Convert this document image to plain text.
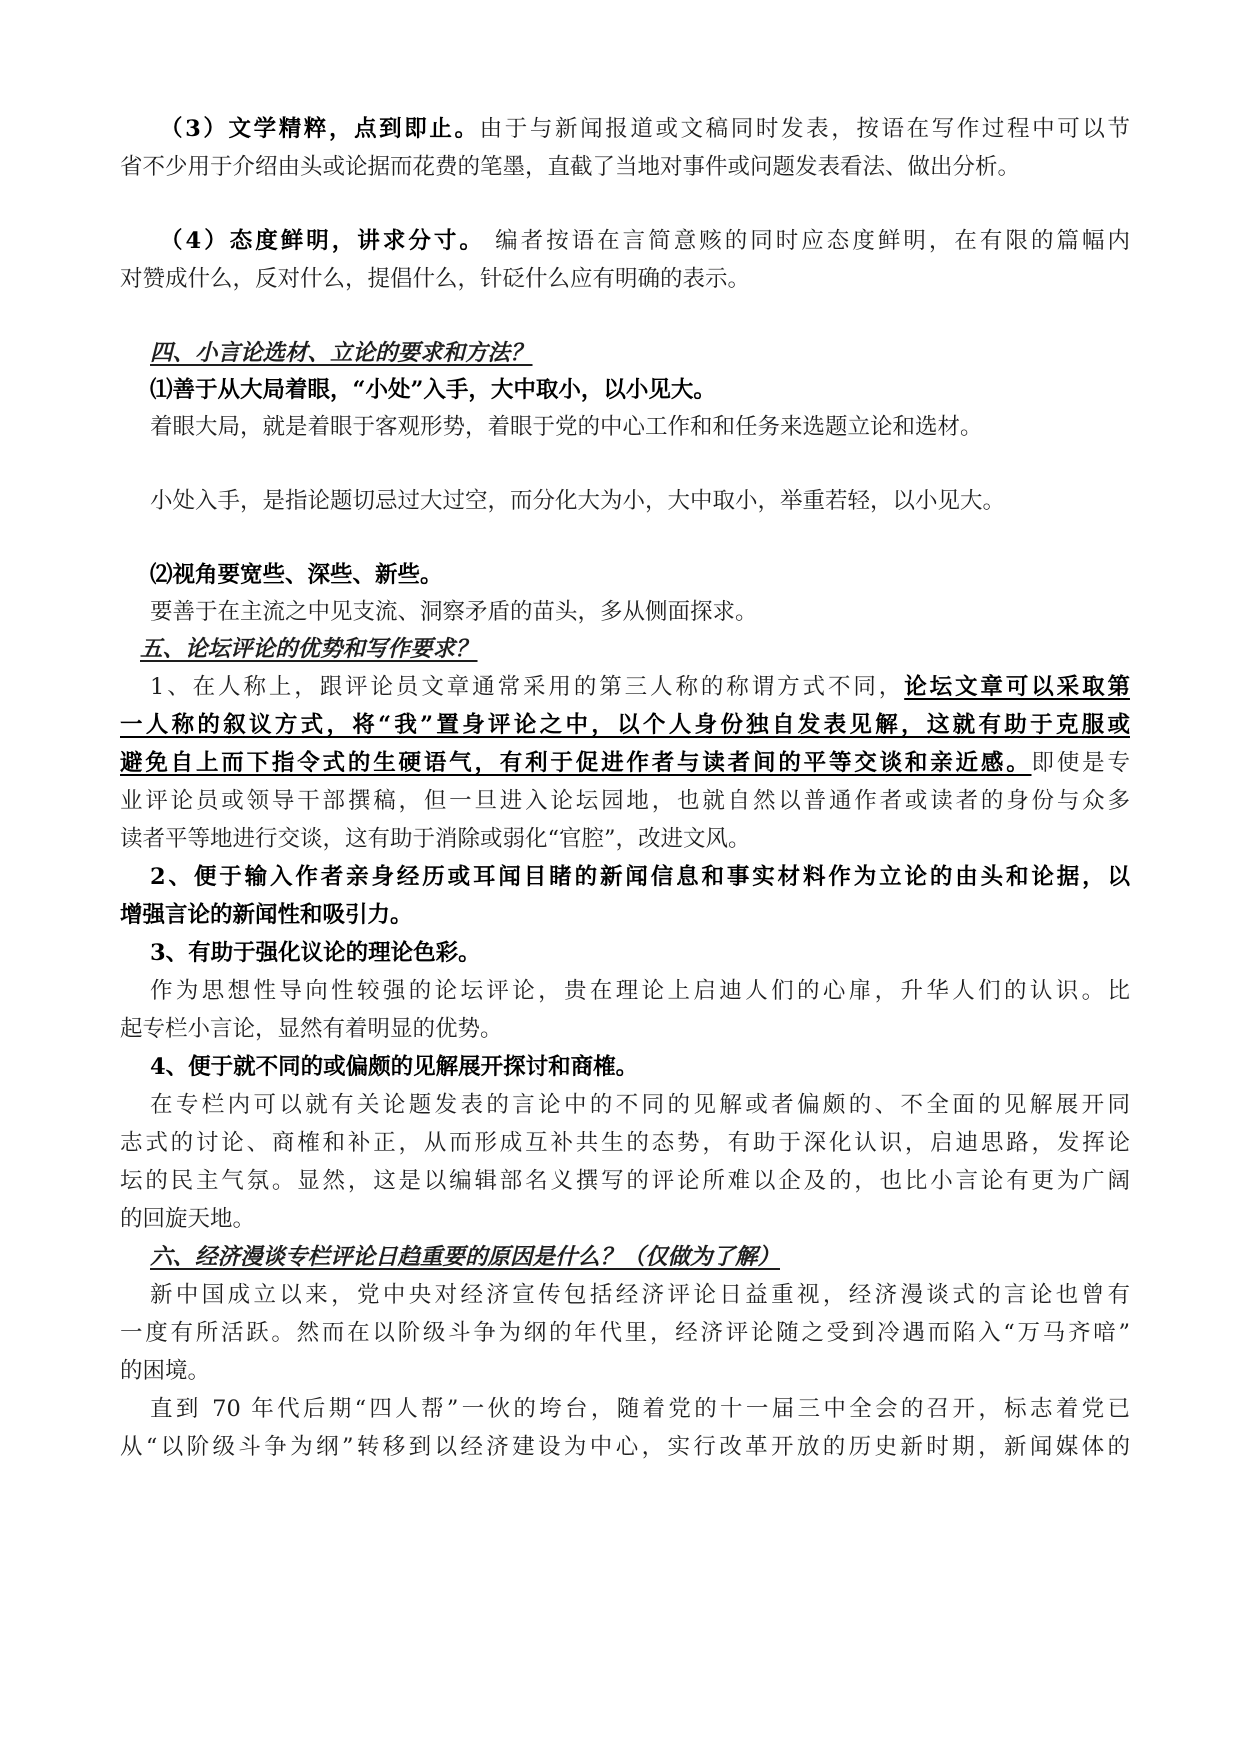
（3）文学精粹，点到即止。由于与新闻报道或文稿同时发表，按语在写作过程中可以节
省不少用于介绍由头或论据而花费的笔墨，直截了当地对事件或问题发表看法、做出分析。
（4）态度鲜明，讲求分寸。 编者按语在言简意赅的同时应态度鲜明，在有限的篇幅内
对赞成什么，反对什么，提倡什么，针砭什么应有明确的表示。
四、小言论选材、立论的要求和方法？
⑴善于从大局着眼，“小处”入手，大中取小，以小见大。
着眼大局，就是着眼于客观形势，着眼于党的中心工作和和任务来选题立论和选材。
小处入手，是指论题切忌过大过空，而分化大为小，大中取小，举重若轻，以小见大。
⑵视角要宽些、深些、新些。
要善于在主流之中见支流、洞察矛盾的苗头，多从侧面探求。
五、论坛评论的优势和写作要求？
1、在人称上，跟评论员文章通常采用的第三人称的称谓方式不同，论坛文章可以采取第
一人称的叙议方式，将“我”置身评论之中，以个人身份独自发表见解，这就有助于克服或
避免自上而下指令式的生硬语气，有利于促进作者与读者间的平等交谈和亲近感。即使是专
业评论员或领导干部撰稿，但一旦进入论坛园地，也就自然以普通作者或读者的身份与众多
读者平等地进行交谈，这有助于消除或弱化“官腔”，改进文风。
2、便于输入作者亲身经历或耳闻目睹的新闻信息和事实材料作为立论的由头和论据，以
增强言论的新闻性和吸引力。
3、有助于强化议论的理论色彩。
作为思想性导向性较强的论坛评论，贵在理论上启迪人们的心扉，升华人们的认识。比
起专栏小言论，显然有着明显的优势。
4、便于就不同的或偏颇的见解展开探讨和商榷。
在专栏内可以就有关论题发表的言论中的不同的见解或者偏颇的、不全面的见解展开同
志式的讨论、商榷和补正，从而形成互补共生的态势，有助于深化认识，启迪思路，发挥论
坛的民主气氛。显然，这是以编辑部名义撰写的评论所难以企及的，也比小言论有更为广阔
的回旋天地。
六、经济漫谈专栏评论日趋重要的原因是什么？（仅做为了解）
新中国成立以来，党中央对经济宣传包括经济评论日益重视，经济漫谈式的言论也曾有
一度有所活跃。然而在以阶级斗争为纲的年代里，经济评论随之受到冷遇而陷入“万马齐喑”
的困境。
直到 70 年代后期“四人帮”一伙的垮台，随着党的十一届三中全会的召开，标志着党已
从“以阶级斗争为纲”转移到以经济建设为中心，实行改革开放的历史新时期，新闻媒体的
